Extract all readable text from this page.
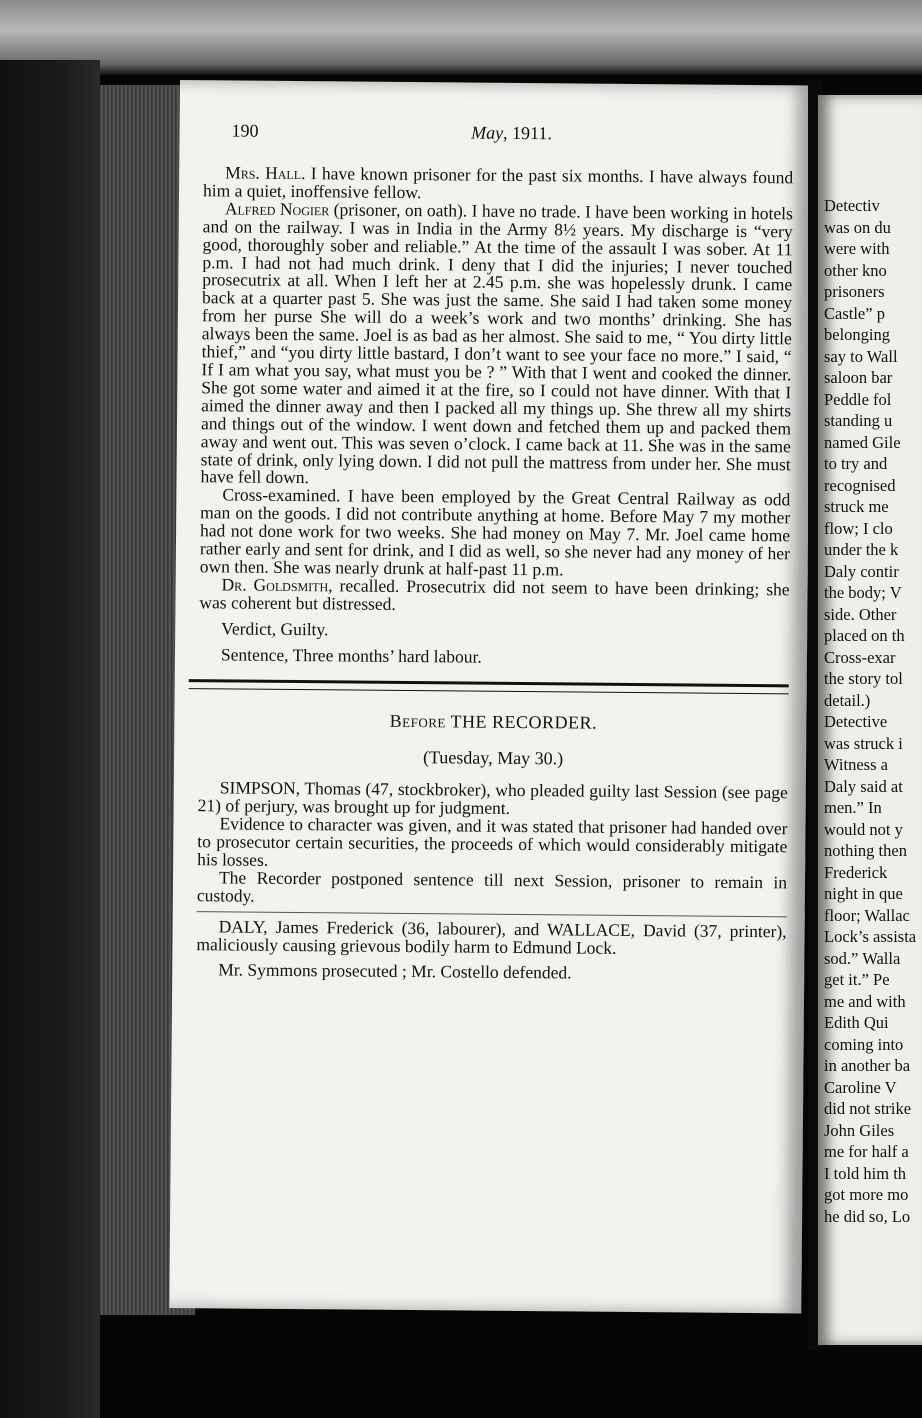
190	May, 1911.

Mrs. Hall. I have known prisoner for the past six months. I have always found him a quiet, inoffensive fellow.

Alfred Nogier (prisoner, on oath). I have no trade. I have been working in hotels and on the railway. I was in India in the Army 8½ years. My discharge is “very good, thoroughly sober and reliable.” At the time of the assault I was sober. At 11 p.m. I had not had much drink. I deny that I did the injuries; I never touched prosecutrix at all. When I left her at 2.45 p.m. she was hopelessly drunk. I came back at a quarter past 5. She was just the same. She said I had taken some money from her purse She will do a week’s work and two months’ drinking. She has always been the same. Joel is as bad as her almost. She said to me, “ You dirty little thief,” and “you dirty little bastard, I don’t want to see your face no more.” I said, “ If I am what you say, what must you be ? ” With that I went and cooked the dinner. She got some water and aimed it at the fire, so I could not have dinner. With that I aimed the dinner away and then I packed all my things up. She threw all my shirts and things out of the window. I went down and fetched them up and packed them away and went out. This was seven o’clock. I came back at 11. She was in the same state of drink, only lying down. I did not pull the mattress from under her. She must have fell down.

Cross-examined. I have been employed by the Great Central Railway as odd man on the goods. I did not contribute anything at home. Before May 7 my mother had not done work for two weeks. She had money on May 7. Mr. Joel came home rather early and sent for drink, and I did as well, so she never had any money of her own then. She was nearly drunk at half-past 11 p.m.

Dr. Goldsmith, recalled. Prosecutrix did not seem to have been drinking; she was coherent but distressed.

Verdict, Guilty.

Sentence, Three months’ hard labour.

Before THE RECORDER.
(Tuesday, May 30.)

SIMPSON, Thomas (47, stockbroker), who pleaded guilty last Session (see page 21) of perjury, was brought up for judgment.

Evidence to character was given, and it was stated that prisoner had handed over to prosecutor certain securities, the proceeds of which would considerably mitigate his losses.

The Recorder postponed sentence till next Session, prisoner to remain in custody.

DALY, James Frederick (36, labourer), and WALLACE, David (37, printer), maliciously causing grievous bodily harm to Edmund Lock.

Mr. Symmons prosecuted ; Mr. Costello defended.

Detectiv
was on du
were with
other kno
prisoners
Castle” p
belonging
say to Wall
saloon bar
Peddle fol
standing u
named Gile
to try and
recognised
struck me
flow; I clo
under the k
Daly contir
the body; V
side. Other
placed on th
Cross-exar
the story tol
detail.)
Detective
was struck i
Witness a
Daly said at
men.” In
would not y
nothing then
Frederick
night in que
floor; Wallac
Lock’s assista
sod.” Walla
get it.” Pe
me and with
Edith Qui
coming into
in another ba
Caroline V
did not strike
John Giles
me for half a
I told him th
got more mo
he did so, Lo
